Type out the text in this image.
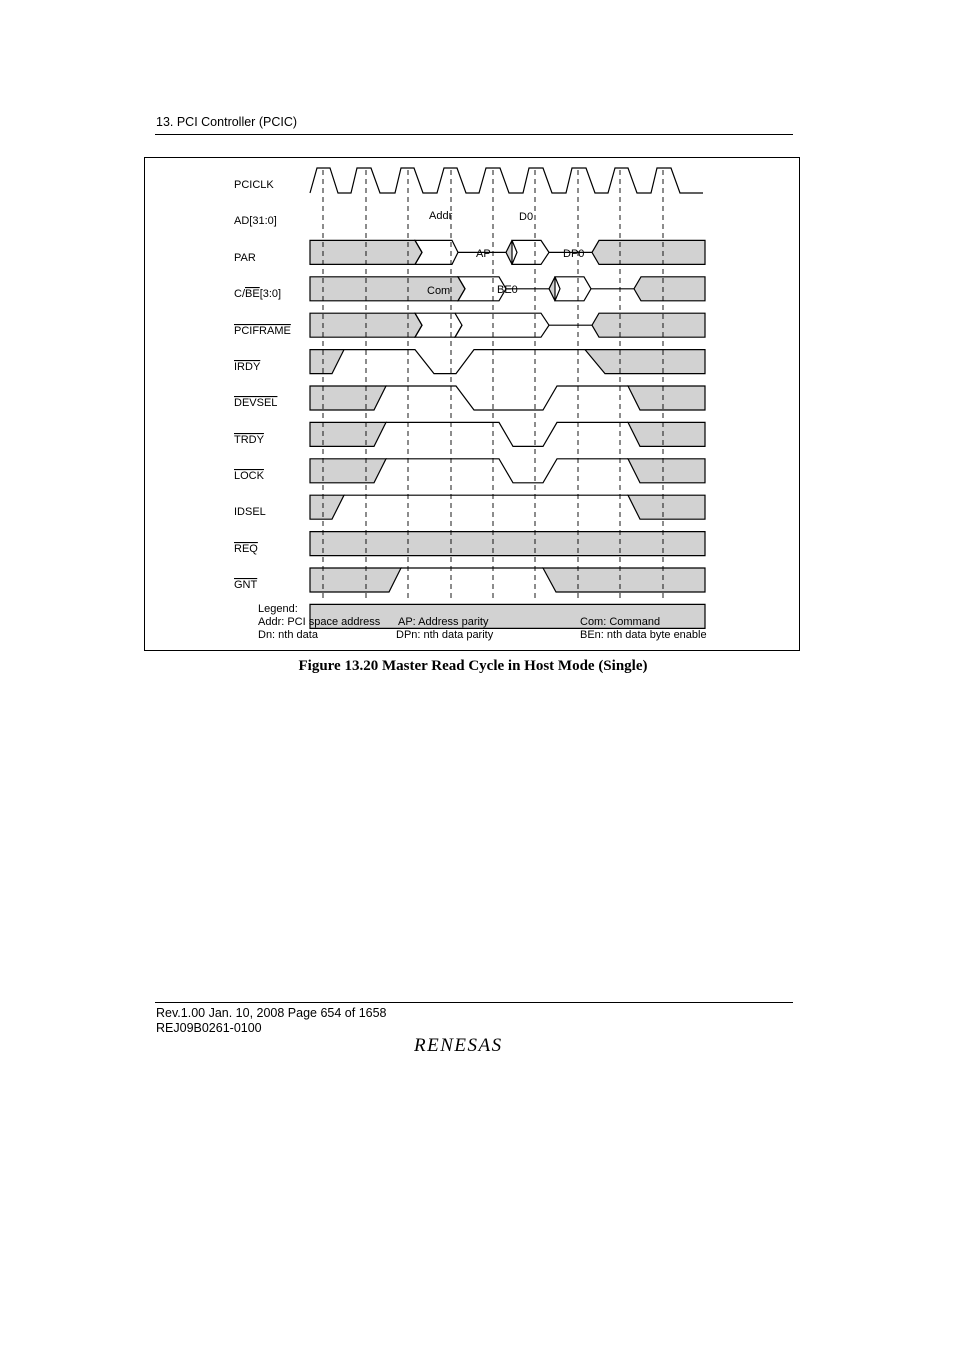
13. PCI Controller (PCIC)
PCICLK
AD[31:0]
PAR
C/BE[3:0]
PCIFRAME
IRDY
DEVSEL
TRDY
LOCK
IDSEL
REQ
GNT
Addr	D0
AP	DP0
Com	BE0
Legend:
Addr: PCI space address
Dn: nth data
AP: Address parity
DPn: nth data parity
Com: Command
BEn: nth data byte enable
Figure 13.20 Master Read Cycle in Host Mode (Single)
Rev.1.00 Jan. 10, 2008 Page 654 of 1658
REJ09B0261-0100
RENESAS
